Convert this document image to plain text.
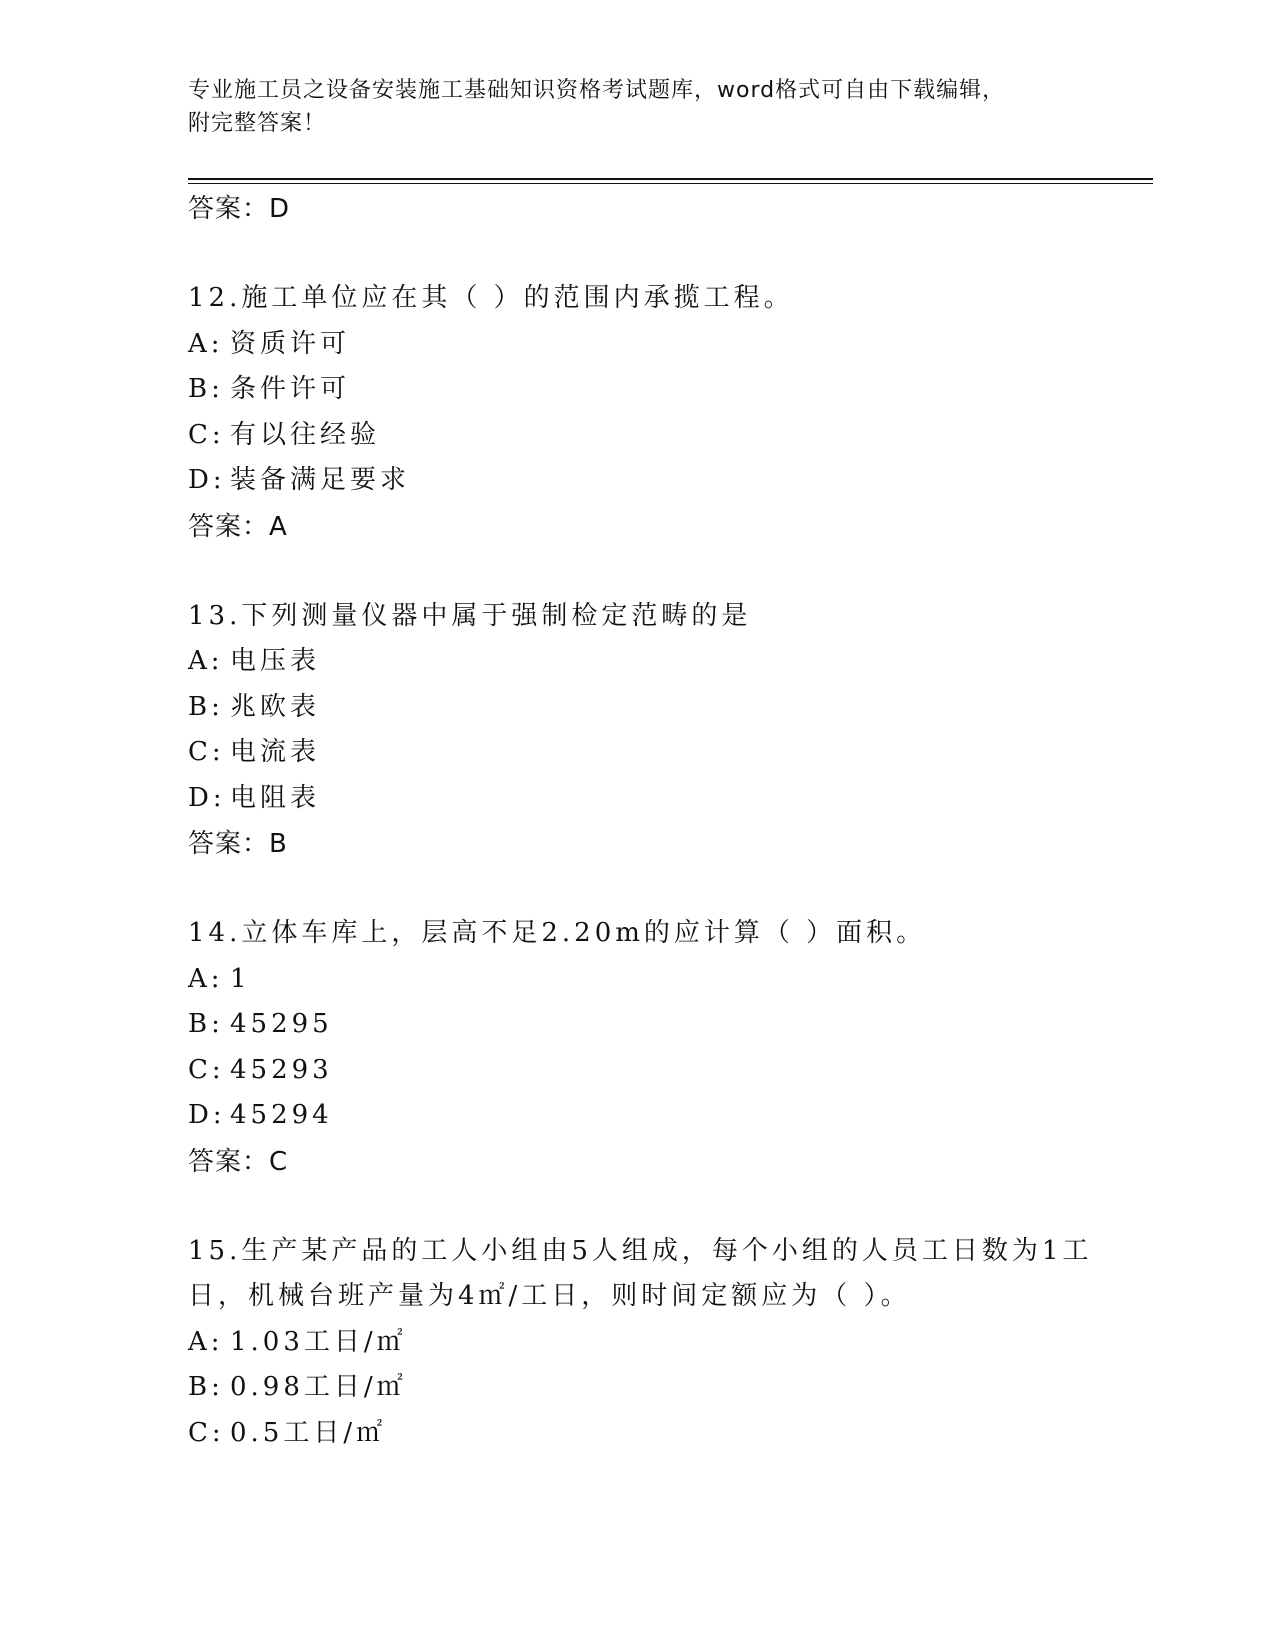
专业施工员之设备安装施工基础知识资格考试题库，word格式可自由下载编辑，
附完整答案！
答案：D
12.施工单位应在其（ ）的范围内承揽工程。
A: 资质许可
B: 条件许可
C: 有以往经验
D: 装备满足要求
答案：A
13.下列测量仪器中属于强制检定范畴的是
A: 电压表
B: 兆欧表
C: 电流表
D: 电阻表
答案：B
14.立体车库上，层高不足2.20m的应计算（ ）面积。
A: 1
B: 45295
C: 45293
D: 45294
答案：C
15.生产某产品的工人小组由5人组成，每个小组的人员工日数为1工日，机械台班产量为4㎡/工日，则时间定额应为（ ）。
A: 1.03工日/㎡
B: 0.98工日/㎡
C: 0.5工日/㎡
